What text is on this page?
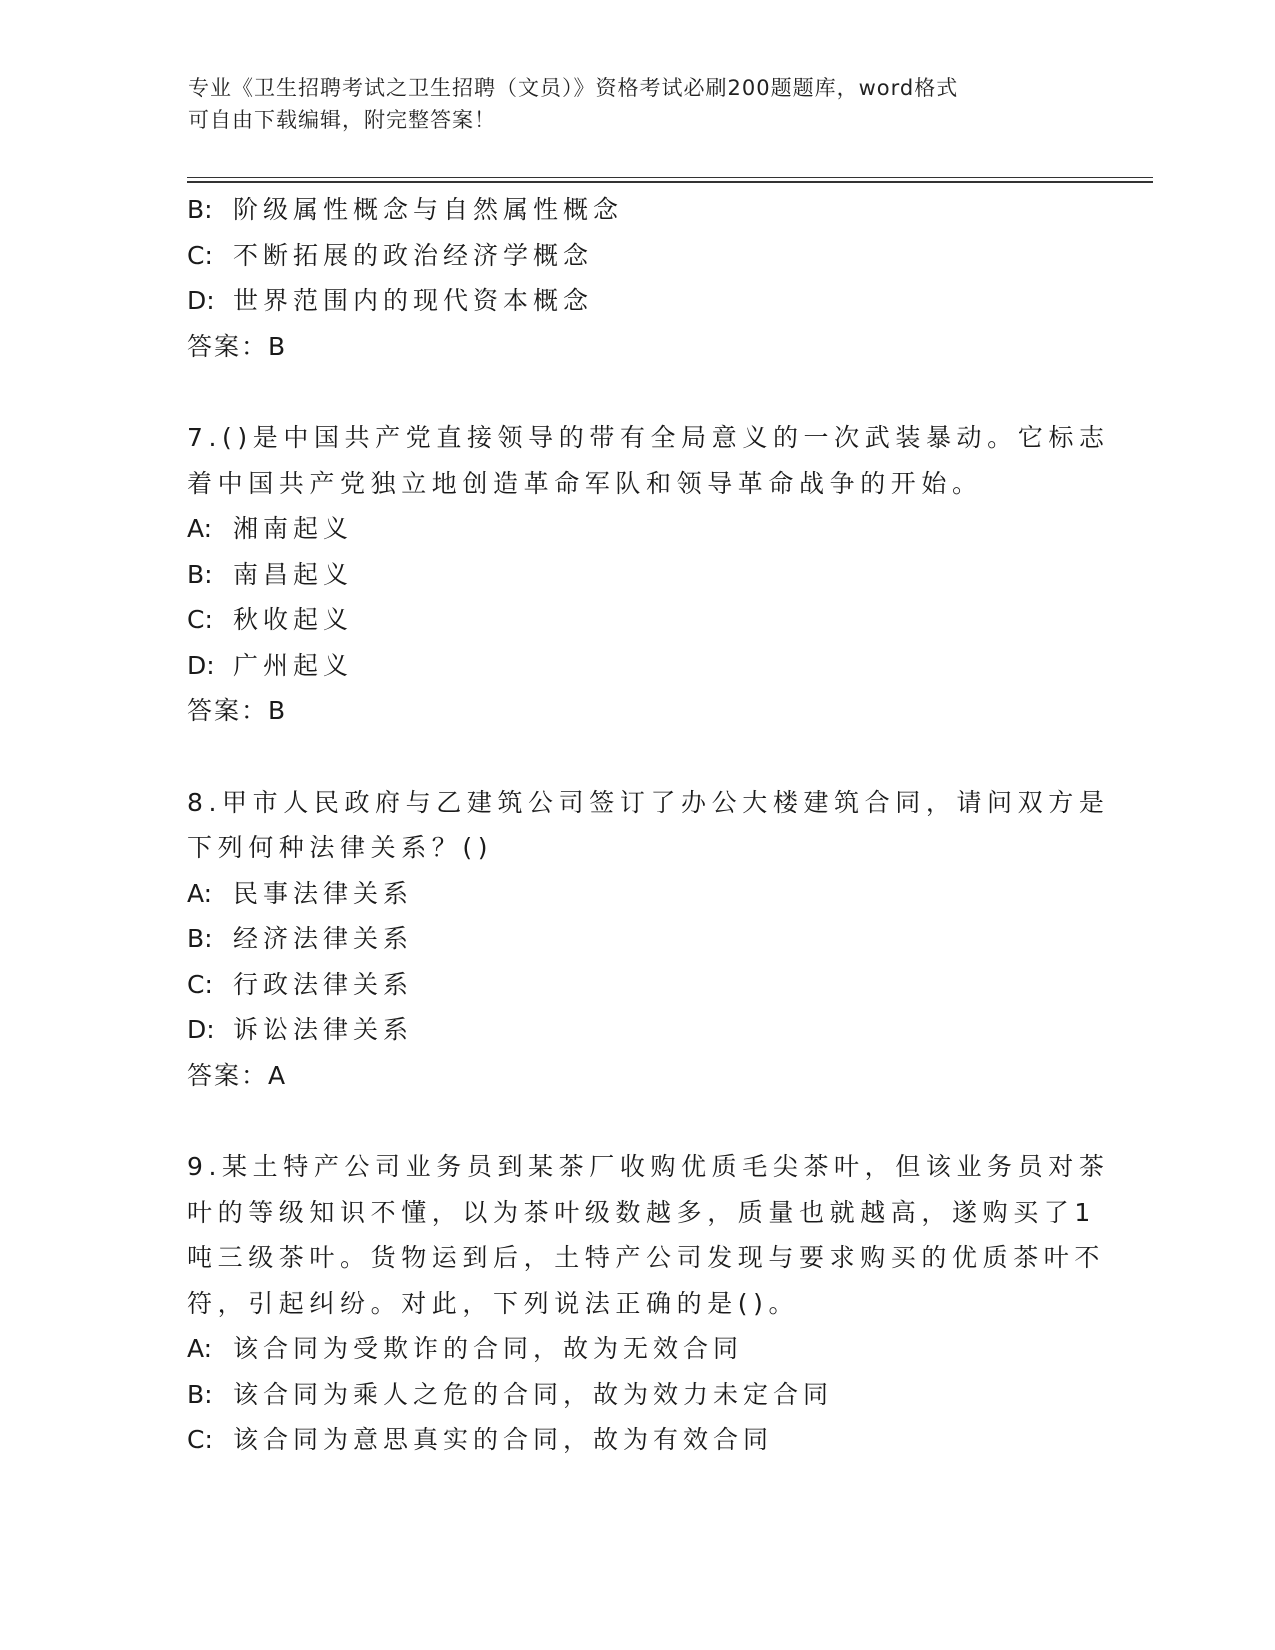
专业《卫生招聘考试之卫生招聘（文员）》资格考试必刷200题题库，word格式
可自由下载编辑，附完整答案！
B: 阶级属性概念与自然属性概念
C: 不断拓展的政治经济学概念
D: 世界范围内的现代资本概念
答案：B
7.()是中国共产党直接领导的带有全局意义的一次武装暴动。它标志
着中国共产党独立地创造革命军队和领导革命战争的开始。
A: 湘南起义
B: 南昌起义
C: 秋收起义
D: 广州起义
答案：B
8.甲市人民政府与乙建筑公司签订了办公大楼建筑合同，请问双方是
下列何种法律关系？()
A: 民事法律关系
B: 经济法律关系
C: 行政法律关系
D: 诉讼法律关系
答案：A
9.某土特产公司业务员到某茶厂收购优质毛尖茶叶，但该业务员对茶
叶的等级知识不懂，以为茶叶级数越多，质量也就越高，遂购买了1
吨三级茶叶。货物运到后，土特产公司发现与要求购买的优质茶叶不
符，引起纠纷。对此，下列说法正确的是()。
A: 该合同为受欺诈的合同，故为无效合同
B: 该合同为乘人之危的合同，故为效力未定合同
C: 该合同为意思真实的合同，故为有效合同
